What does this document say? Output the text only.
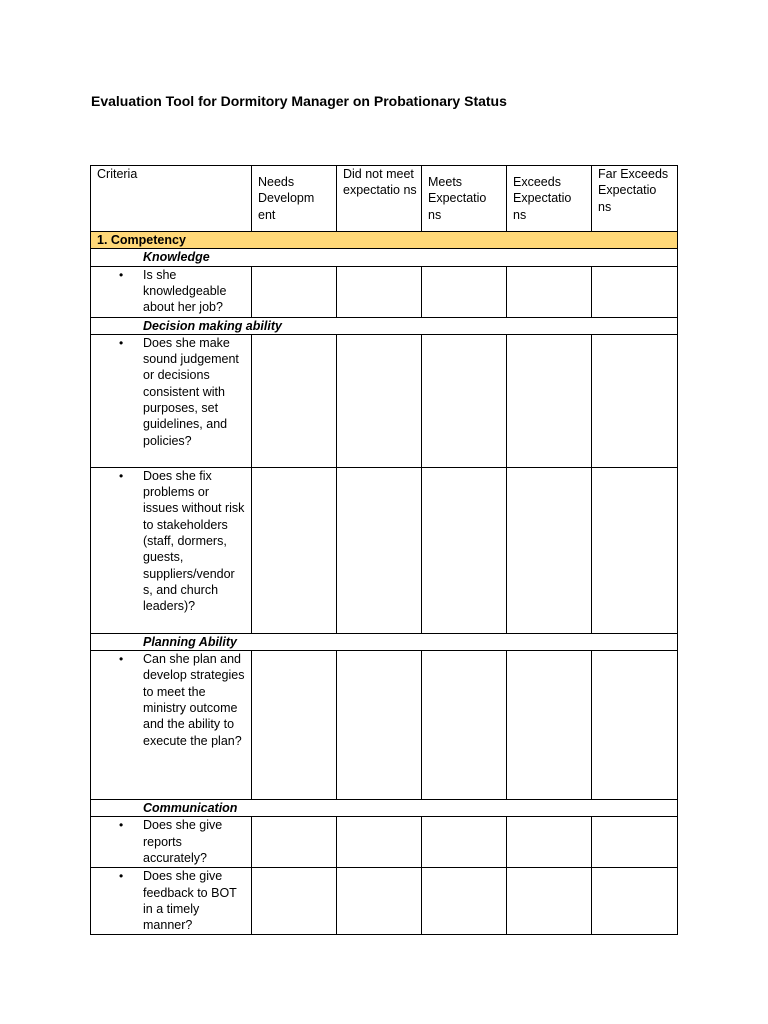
Evaluation Tool for Dormitory Manager on Probationary Status
Criteria	Needs Developm ent	Did not meet expectatio ns	Meets Expectatio ns	Exceeds Expectatio ns	Far Exceeds Expectatio ns
1. Competency					
Knowledge					

• Is she knowledgeable about her job?					
Decision making ability					

• Does she make sound judgement or decisions consistent with purposes, set guidelines, and policies?					

• Does she fix problems or issues without risk to stakeholders (staff, dormers, guests, suppliers/vendor s, and church leaders)?					
Planning Ability					

• Can she plan and develop strategies to meet the ministry outcome and the ability to execute the plan?					
Communication					

• Does she give reports accurately?					

• Does she give feedback to BOT in a timely manner?					
